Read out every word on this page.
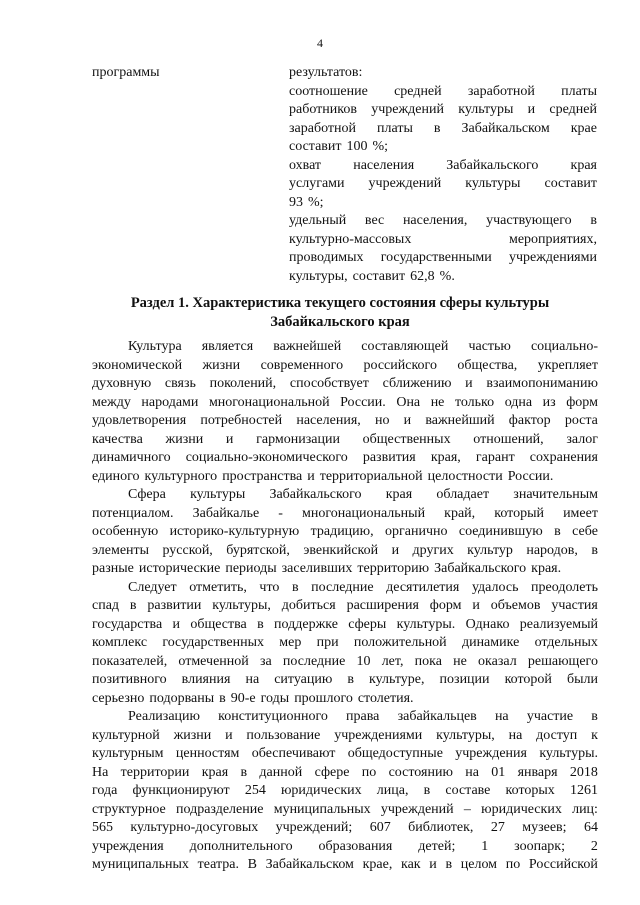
4
программы	результатов:
соотношение средней заработной платы
работников учреждений культуры и средней
заработной платы в Забайкальском крае
составит 100 %;
охват населения Забайкальского края
услугами учреждений культуры составит
93 %;
удельный вес населения, участвующего в
культурно-массовых	мероприятиях,
проводимых государственными учреждениями
культуры, составит 62,8 %.
Раздел 1. Характеристика текущего состояния сферы культуры
Забайкальского края
Культура является важнейшей составляющей частью социально-
экономической жизни современного российского общества, укрепляет
духовную связь поколений, способствует сближению и взаимопониманию
между народами многонациональной России. Она не только одна из форм
удовлетворения потребностей населения, но и важнейший фактор роста
качества жизни и гармонизации общественных отношений, залог
динамичного социально-экономического развития края, гарант сохранения
единого культурного пространства и территориальной целостности России.
Сфера культуры Забайкальского края обладает значительным
потенциалом. Забайкалье - многонациональный край, который имеет
особенную историко-культурную традицию, органично соединившую в себе
элементы русской, бурятской, эвенкийской и других культур народов, в
разные исторические периоды заселивших территорию Забайкальского края.
Следует отметить, что в последние десятилетия удалось преодолеть
спад в развитии культуры, добиться расширения форм и объемов участия
государства и общества в поддержке сферы культуры. Однако реализуемый
комплекс государственных мер при положительной динамике отдельных
показателей, отмеченной за последние 10 лет, пока не оказал решающего
позитивного влияния на ситуацию в культуре, позиции которой были
серьезно подорваны в 90-е годы прошлого столетия.
Реализацию конституционного права забайкальцев на участие в
культурной жизни и пользование учреждениями культуры, на доступ к
культурным ценностям обеспечивают общедоступные учреждения культуры.
На территории края в данной сфере по состоянию на 01 января 2018
года функционируют 254 юридических лица, в составе которых 1261
структурное подразделение муниципальных учреждений – юридических лиц:
565 культурно-досуговых учреждений; 607 библиотек, 27 музеев; 64
учреждения дополнительного образования детей; 1 зоопарк; 2
муниципальных театра. В Забайкальском крае, как и в целом по Российской
